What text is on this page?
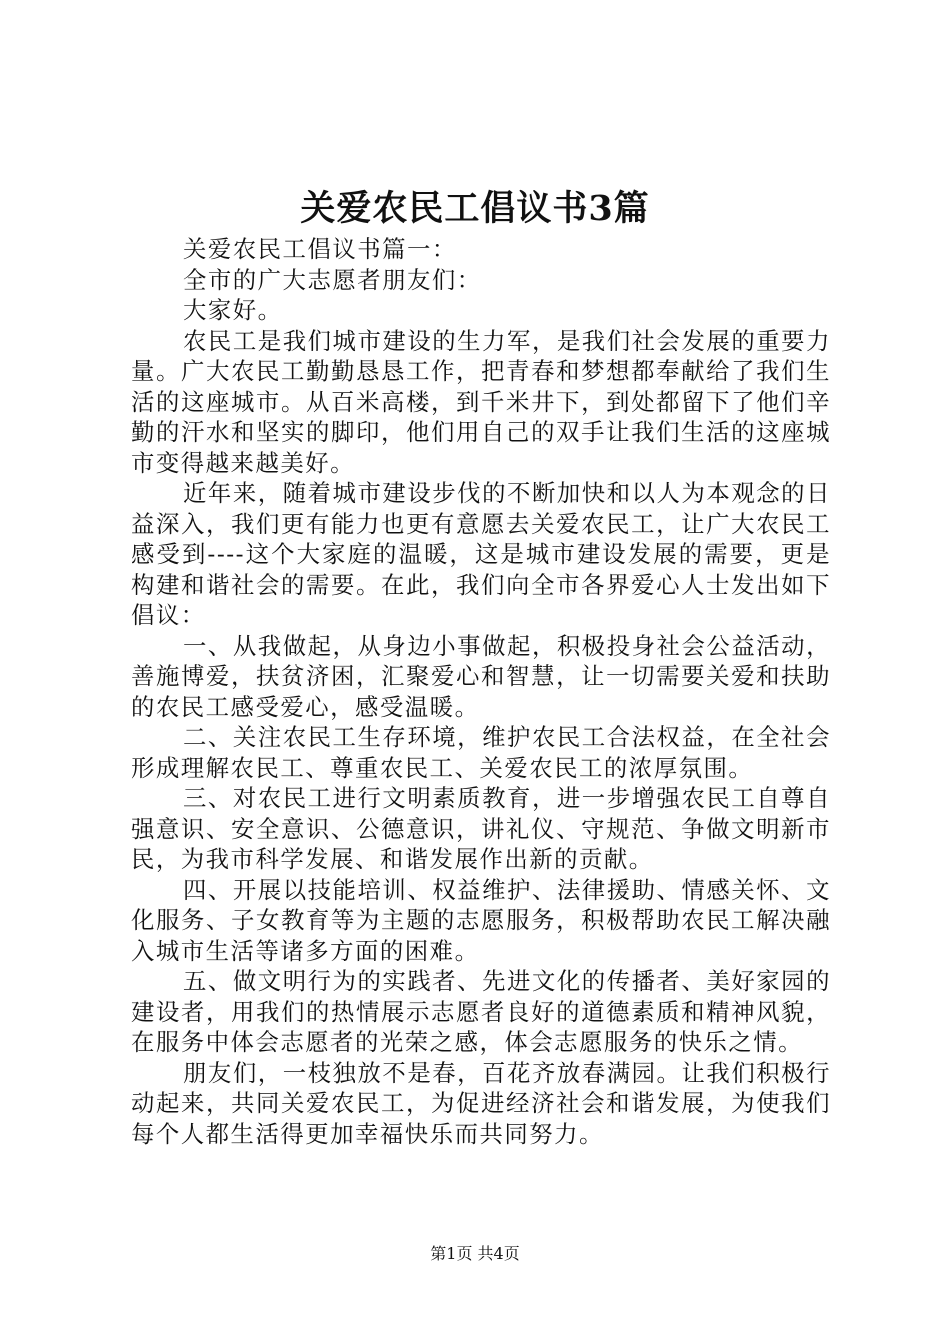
关爱农民工倡议书3篇

关爱农民工倡议书篇一：

全市的广大志愿者朋友们：

大家好。

农民工是我们城市建设的生力军，是我们社会发展的重要力量。广大农民工勤勤恳恳工作，把青春和梦想都奉献给了我们生活的这座城市。从百米高楼，到千米井下，到处都留下了他们辛勤的汗水和坚实的脚印，他们用自己的双手让我们生活的这座城市变得越来越美好。

近年来，随着城市建设步伐的不断加快和以人为本观念的日益深入，我们更有能力也更有意愿去关爱农民工，让广大农民工感受到----这个大家庭的温暖，这是城市建设发展的需要，更是构建和谐社会的需要。在此，我们向全市各界爱心人士发出如下倡议：

一、从我做起，从身边小事做起，积极投身社会公益活动，善施博爱，扶贫济困，汇聚爱心和智慧，让一切需要关爱和扶助的农民工感受爱心，感受温暖。

二、关注农民工生存环境，维护农民工合法权益，在全社会形成理解农民工、尊重农民工、关爱农民工的浓厚氛围。

三、对农民工进行文明素质教育，进一步增强农民工自尊自强意识、安全意识、公德意识，讲礼仪、守规范、争做文明新市民，为我市科学发展、和谐发展作出新的贡献。

四、开展以技能培训、权益维护、法律援助、情感关怀、文化服务、子女教育等为主题的志愿服务，积极帮助农民工解决融入城市生活等诸多方面的困难。

五、做文明行为的实践者、先进文化的传播者、美好家园的建设者，用我们的热情展示志愿者良好的道德素质和精神风貌，在服务中体会志愿者的光荣之感，体会志愿服务的快乐之情。

朋友们，一枝独放不是春，百花齐放春满园。让我们积极行动起来，共同关爱农民工，为促进经济社会和谐发展，为使我们每个人都生活得更加幸福快乐而共同努力。

第1页 共4页
